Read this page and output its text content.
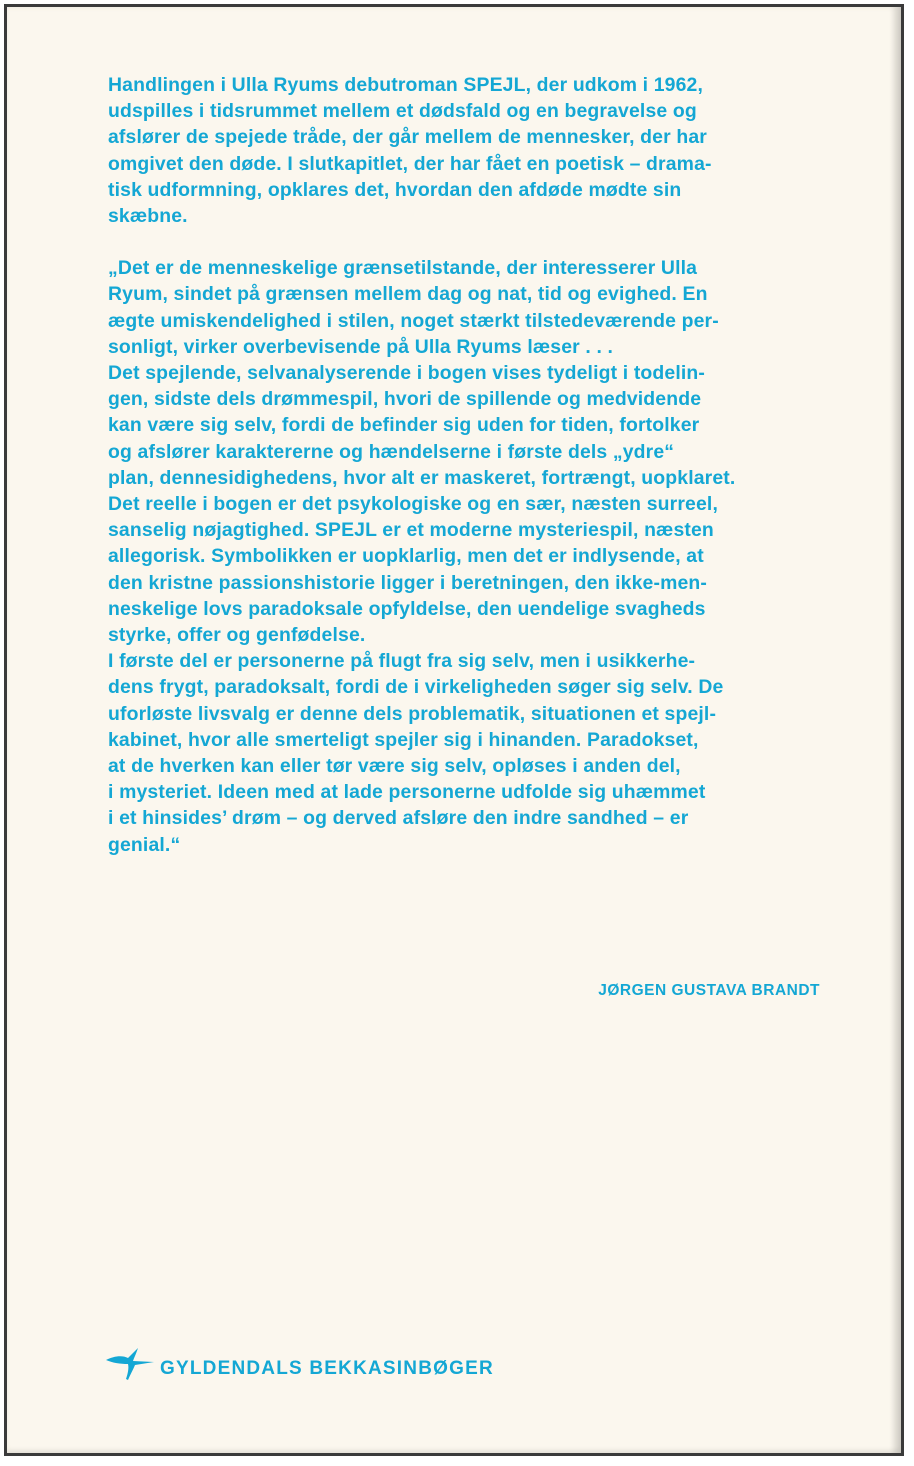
Handlingen i Ulla Ryums debutroman SPEJL, der udkom i 1962,
udspilles i tidsrummet mellem et dødsfald og en begravelse og
afslører de spejede tråde, der går mellem de mennesker, der har
omgivet den døde. I slutkapitlet, der har fået en poetisk – drama-
tisk udformning, opklares det, hvordan den afdøde mødte sin
skæbne.

„Det er de menneskelige grænsetilstande, der interesserer Ulla
Ryum, sindet på grænsen mellem dag og nat, tid og evighed. En
ægte umiskendelighed i stilen, noget stærkt tilstedeværende per-
sonligt, virker overbevisende på Ulla Ryums læser . . .

Det spejlende, selvanalyserende i bogen vises tydeligt i todelin-
gen, sidste dels drømmespil, hvori de spillende og medvidende
kan være sig selv, fordi de befinder sig uden for tiden, fortolker
og afslører karaktererne og hændelserne i første dels „ydre“
plan, dennesidighedens, hvor alt er maskeret, fortrængt, uopklaret.
Det reelle i bogen er det psykologiske og en sær, næsten surreel,
sanselig nøjagtighed. SPEJL er et moderne mysteriespil, næsten
allegorisk. Symbolikken er uopklarlig, men det er indlysende, at
den kristne passionshistorie ligger i beretningen, den ikke-men-
neskelige lovs paradoksale opfyldelse, den uendelige svagheds
styrke, offer og genfødelse.

I første del er personerne på flugt fra sig selv, men i usikkerhe-
dens frygt, paradoksalt, fordi de i virkeligheden søger sig selv. De
uforløste livsvalg er denne dels problematik, situationen et spejl-
kabinet, hvor alle smerteligt spejler sig i hinanden. Paradokset,
at de hverken kan eller tør være sig selv, opløses i anden del,
i mysteriet. Ideen med at lade personerne udfolde sig uhæmmet
i et hinsides’ drøm – og derved afsløre den indre sandhed – er
genial.“

JØRGEN GUSTAVA BRANDT
GYLDENDALS BEKKASINBØGER
